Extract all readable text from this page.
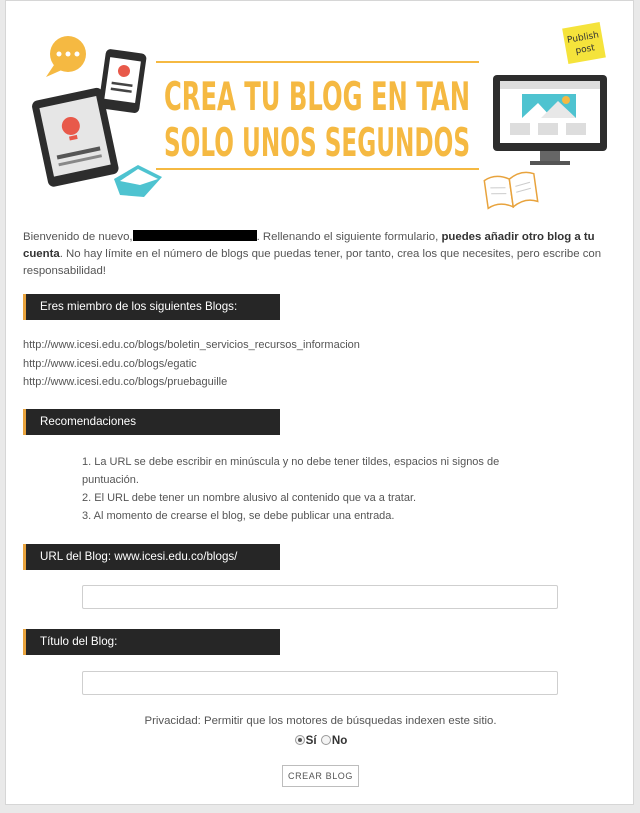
CREA TU BLOG EN TAN
SOLO UNOS SEGUNDOS
Publish
post
Bienvenido de nuevo,	. Rellenando el siguiente formulario, puedes añadir otro blog a tu cuenta. No hay límite en el número de blogs que puedas tener, por tanto, crea los que necesites, pero escribe con responsabilidad!
Eres miembro de los siguientes Blogs:
http://www.icesi.edu.co/blogs/boletin_servicios_recursos_informacion
http://www.icesi.edu.co/blogs/egatic
http://www.icesi.edu.co/blogs/pruebaguille
Recomendaciones
1. La URL se debe escribir en minúscula y no debe tener tildes, espacios ni signos de puntuación.
2. El URL debe tener un nombre alusivo al contenido que va a tratar.
3. Al momento de crearse el blog, se debe publicar una entrada.
URL del Blog: www.icesi.edu.co/blogs/
Título del Blog:
Privacidad: Permitir que los motores de búsquedas indexen este sitio.
Sí No
CREAR BLOG
